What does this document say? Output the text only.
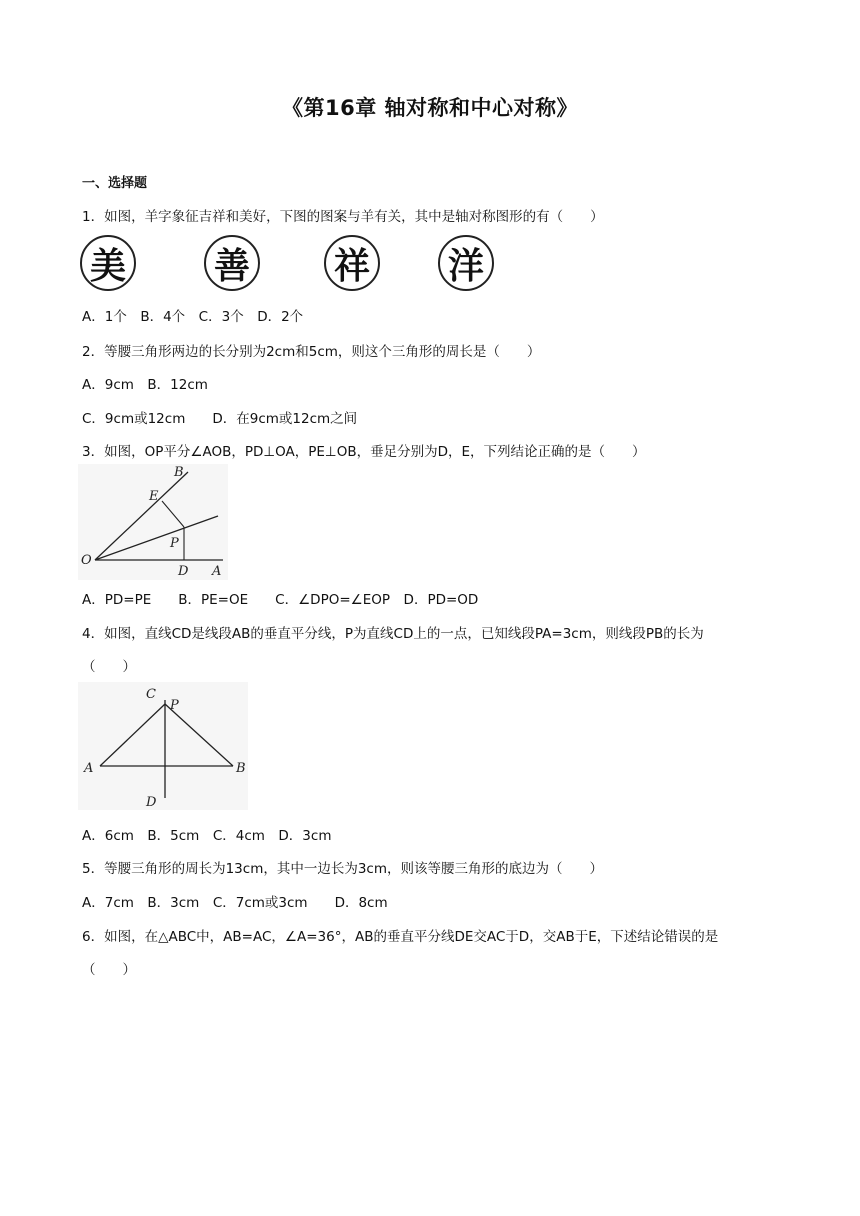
《第16章 轴对称和中心对称》
一、选择题
1．如图，羊字象征吉祥和美好，下图的图案与羊有关，其中是轴对称图形的有（　　）
美 善 祥 洋
A．1个　B．4个　C．3个　D．2个
2．等腰三角形两边的长分别为2cm和5cm，则这个三角形的周长是（　　）
A．9cm　B．12cm
C．9cm或12cm　　D．在9cm或12cm之间
3．如图，OP平分∠AOB，PD⊥OA，PE⊥OB，垂足分别为D，E，下列结论正确的是（　　）
B
E
P
O
D A
A．PD=PE　　B．PE=OE　　C．∠DPO=∠EOP　D．PD=OD
4．如图，直线CD是线段AB的垂直平分线，P为直线CD上的一点，已知线段PA=3cm，则线段PB的长为
（　　）
C
P
A	B
D
A．6cm　B．5cm　C．4cm　D．3cm
5．等腰三角形的周长为13cm，其中一边长为3cm，则该等腰三角形的底边为（　　）
A．7cm　B．3cm　C．7cm或3cm　　D．8cm
6．如图，在△ABC中，AB=AC，∠A=36°，AB的垂直平分线DE交AC于D，交AB于E，下述结论错误的是
（　　）
